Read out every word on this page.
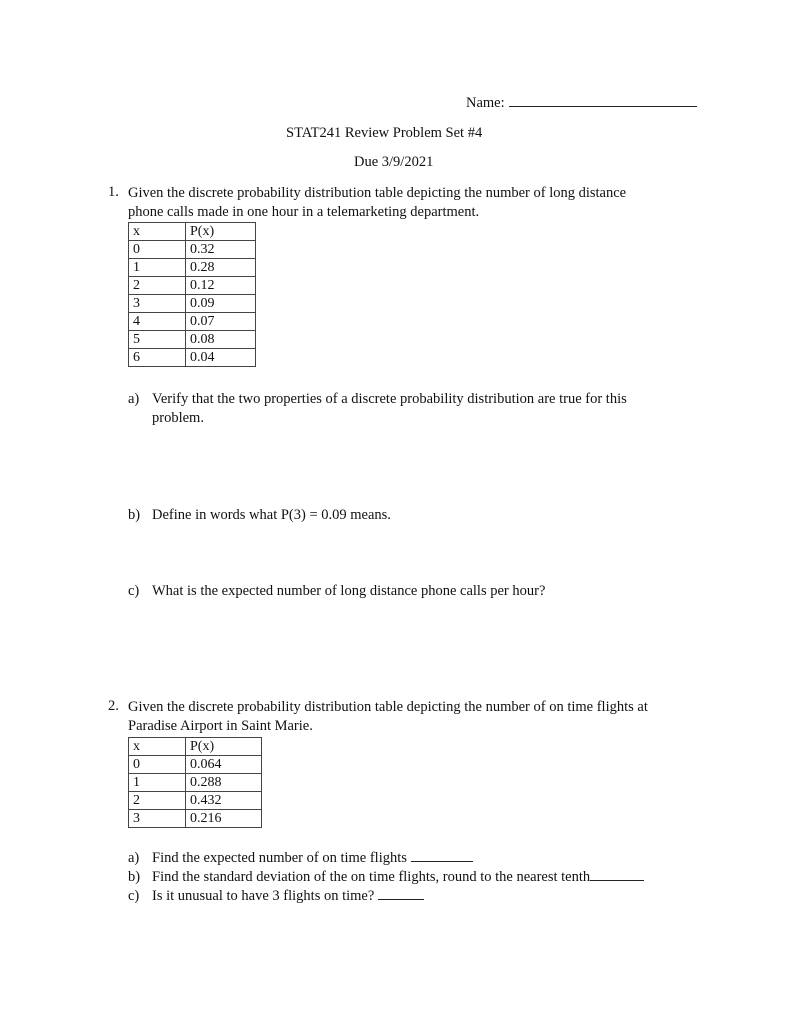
Name:
STAT241 Review Problem Set #4
Due 3/9/2021
1. Given the discrete probability distribution table depicting the number of long distance
phone calls made in one hour in a telemarketing department.
x	P(x)
0	0.32
1	0.28
2	0.12
3	0.09
4	0.07
5	0.08
6	0.04
a) Verify that the two properties of a discrete probability distribution are true for this
problem.
b) Define in words what P(3) = 0.09 means.
c) What is the expected number of long distance phone calls per hour?
2. Given the discrete probability distribution table depicting the number of on time flights at
Paradise Airport in Saint Marie.
x	P(x)
0	0.064
1	0.288
2	0.432
3	0.216
a) Find the expected number of on time flights
b) Find the standard deviation of the on time flights, round to the nearest tenth
c) Is it unusual to have 3 flights on time?
